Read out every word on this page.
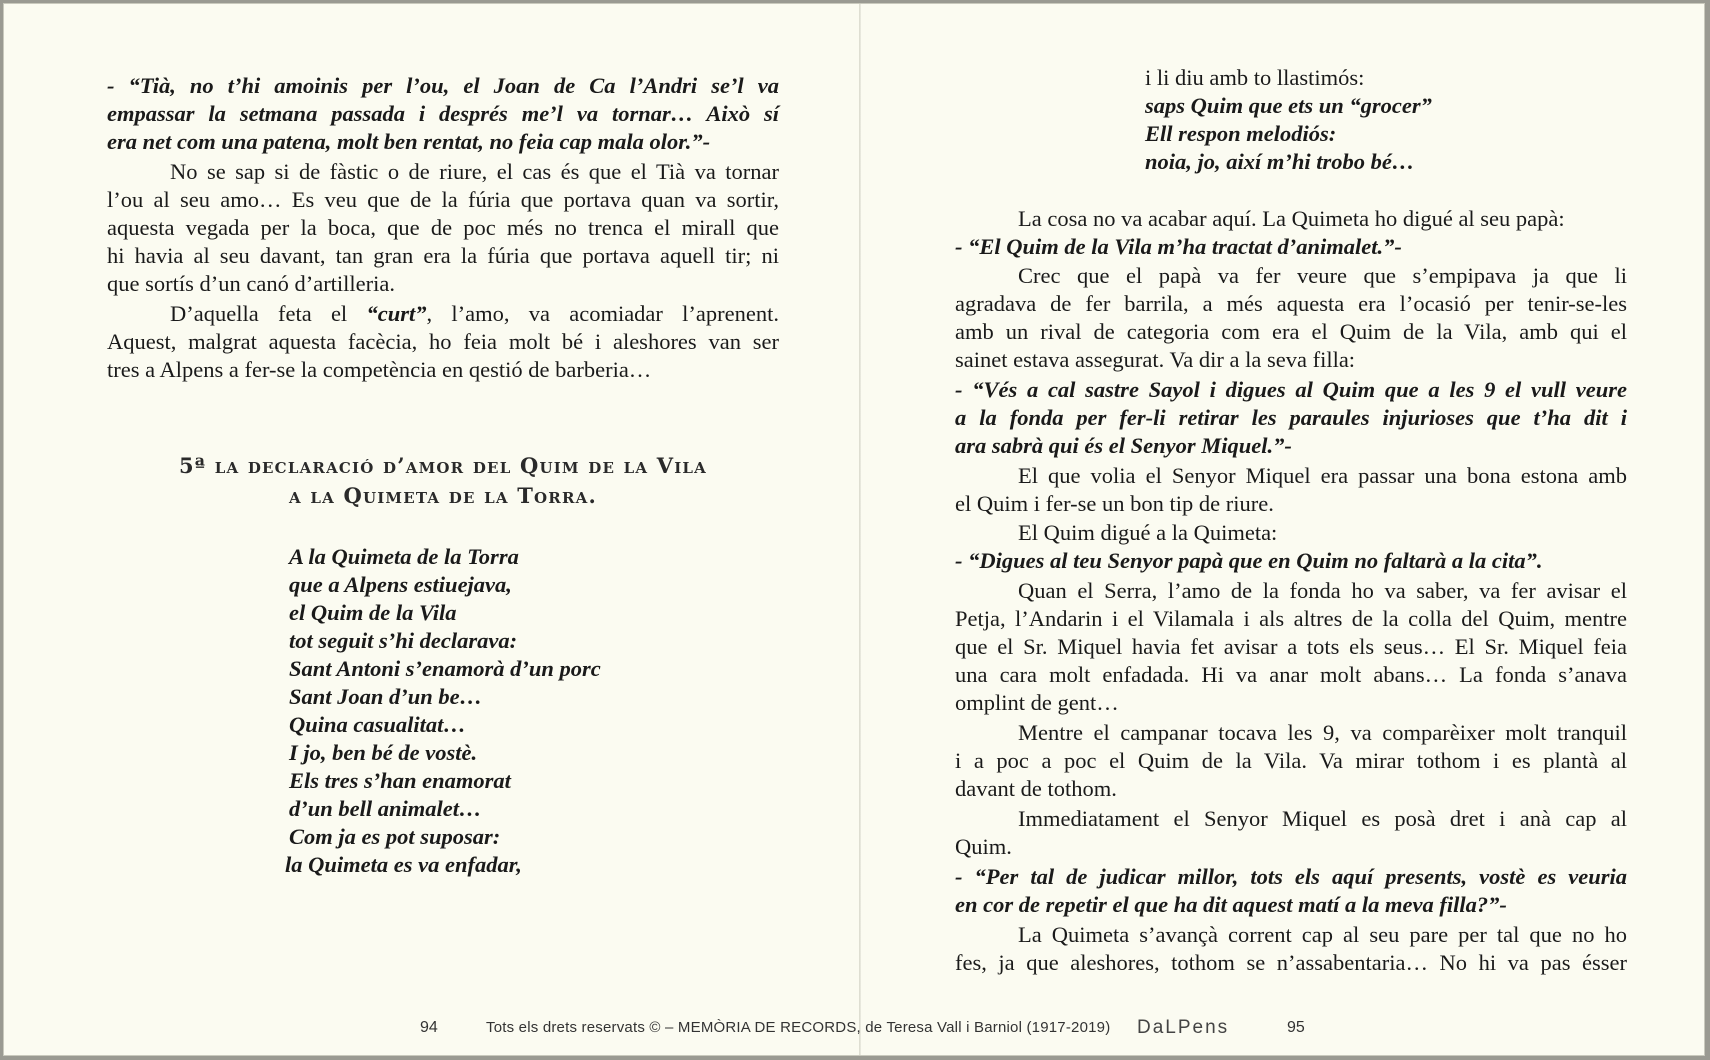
- “Tià, no t’hi amoinis per l’ou, el Joan de Ca l’Andri se’l va
empassar la setmana passada i després me’l va tornar… Això sí
era net com una patena, molt ben rentat, no feia cap mala olor.”-
No se sap si de fàstic o de riure, el cas és que el Tià va tornar
l’ou al seu amo… Es veu que de la fúria que portava quan va sortir,
aquesta vegada per la boca, que de poc més no trenca el mirall que
hi havia al seu davant, tan gran era la fúria que portava aquell tir; ni
que sortís d’un canó d’artilleria.
D’aquella feta el “curt”, l’amo, va acomiadar l’aprenent.
Aquest, malgrat aquesta facècia, ho feia molt bé i aleshores van ser
tres a Alpens a fer-se la competència en qestió de barberia…
5ª la declaració d’amor del Quim de la Vila
a la Quimeta de la Torra.
A la Quimeta de la Torra
que a Alpens estiuejava,
el Quim de la Vila
tot seguit s’hi declarava:
Sant Antoni s’enamorà d’un porc
Sant Joan d’un be…
Quina casualitat…
I jo, ben bé de vostè.
Els tres s’han enamorat
d’un bell animalet…
Com ja es pot suposar:
la Quimeta es va enfadar,
i li diu amb to llastimós:
saps Quim que ets un “grocer”
Ell respon melodiós:
noia, jo, així m’hi trobo bé…
La cosa no va acabar aquí. La Quimeta ho digué al seu papà:
- “El Quim de la Vila m’ha tractat d’animalet.”-
Crec que el papà va fer veure que s’empipava ja que li
agradava de fer barrila, a més aquesta era l’ocasió per tenir-se-les
amb un rival de categoria com era el Quim de la Vila, amb qui el
sainet estava assegurat. Va dir a la seva filla:
- “Vés a cal sastre Sayol i digues al Quim que a les 9 el vull veure
a la fonda per fer-li retirar les paraules injurioses que t’ha dit i
ara sabrà qui és el Senyor Miquel.”-
El que volia el Senyor Miquel era passar una bona estona amb
el Quim i fer-se un bon tip de riure.
El Quim digué a la Quimeta:
- “Digues al teu Senyor papà que en Quim no faltarà a la cita”.
Quan el Serra, l’amo de la fonda ho va saber, va fer avisar el
Petja, l’Andarin i el Vilamala i als altres de la colla del Quim, mentre
que el Sr. Miquel havia fet avisar a tots els seus… El Sr. Miquel feia
una cara molt enfadada. Hi va anar molt abans… La fonda s’anava
omplint de gent…
Mentre el campanar tocava les 9, va comparèixer molt tranquil
i a poc a poc el Quim de la Vila. Va mirar tothom i es plantà al
davant de tothom.
Immediatament el Senyor Miquel es posà dret i anà cap al
Quim.
- “Per tal de judicar millor, tots els aquí presents, vostè es veuria
en cor de repetir el que ha dit aquest matí a la meva filla?”-
La Quimeta s’avançà corrent cap al seu pare per tal que no ho
fes, ja que aleshores, tothom se n’assabentaria… No hi va pas ésser
94	Tots els drets reservats © – MEMÒRIA DE RECORDS, de Teresa Vall i Barniol (1917-2019) DaLPens	95
